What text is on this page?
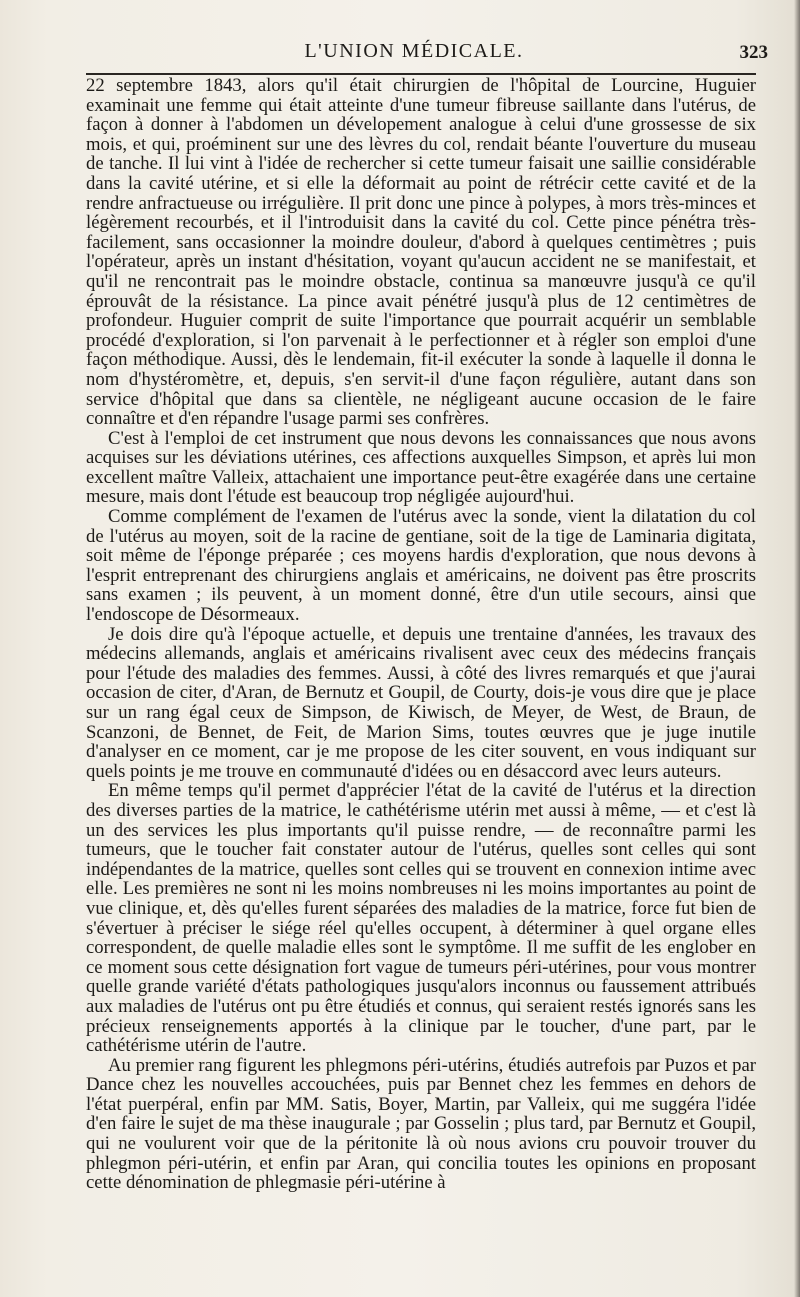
L'UNION MÉDICALE.	323

22 septembre 1843, alors qu'il était chirurgien de l'hôpital de Lourcine, Huguier examinait une femme qui était atteinte d'une tumeur fibreuse saillante dans l'utérus, de façon à donner à l'abdomen un dévelopement analogue à celui d'une grossesse de six mois, et qui, proéminent sur une des lèvres du col, rendait béante l'ouverture du museau de tanche. Il lui vint à l'idée de rechercher si cette tumeur faisait une saillie considérable dans la cavité utérine, et si elle la déformait au point de rétrécir cette cavité et de la rendre anfractueuse ou irrégulière. Il prit donc une pince à polypes, à mors très-minces et légèrement recourbés, et il l'introduisit dans la cavité du col. Cette pince pénétra très-facilement, sans occasionner la moindre douleur, d'abord à quelques centimètres ; puis l'opérateur, après un instant d'hésitation, voyant qu'aucun accident ne se manifestait, et qu'il ne rencontrait pas le moindre obstacle, continua sa manœuvre jusqu'à ce qu'il éprouvât de la résistance. La pince avait pénétré jusqu'à plus de 12 centimètres de profondeur. Huguier comprit de suite l'importance que pourrait acquérir un semblable procédé d'exploration, si l'on parvenait à le perfectionner et à régler son emploi d'une façon méthodique. Aussi, dès le lendemain, fit-il exécuter la sonde à laquelle il donna le nom d'hystéromètre, et, depuis, s'en servit-il d'une façon régulière, autant dans son service d'hôpital que dans sa clientèle, ne négligeant aucune occasion de le faire connaître et d'en répandre l'usage parmi ses confrères.

C'est à l'emploi de cet instrument que nous devons les connaissances que nous avons acquises sur les déviations utérines, ces affections auxquelles Simpson, et après lui mon excellent maître Valleix, attachaient une importance peut-être exagérée dans une certaine mesure, mais dont l'étude est beaucoup trop négligée aujourd'hui.

Comme complément de l'examen de l'utérus avec la sonde, vient la dilatation du col de l'utérus au moyen, soit de la racine de gentiane, soit de la tige de Laminaria digitata, soit même de l'éponge préparée ; ces moyens hardis d'exploration, que nous devons à l'esprit entreprenant des chirurgiens anglais et américains, ne doivent pas être proscrits sans examen ; ils peuvent, à un moment donné, être d'un utile secours, ainsi que l'endoscope de Désormeaux.

Je dois dire qu'à l'époque actuelle, et depuis une trentaine d'années, les travaux des médecins allemands, anglais et américains rivalisent avec ceux des médecins français pour l'étude des maladies des femmes. Aussi, à côté des livres remarqués et que j'aurai occasion de citer, d'Aran, de Bernutz et Goupil, de Courty, dois-je vous dire que je place sur un rang égal ceux de Simpson, de Kiwisch, de Meyer, de West, de Braun, de Scanzoni, de Bennet, de Feit, de Marion Sims, toutes œuvres que je juge inutile d'analyser en ce moment, car je me propose de les citer souvent, en vous indiquant sur quels points je me trouve en communauté d'idées ou en désaccord avec leurs auteurs.

En même temps qu'il permet d'apprécier l'état de la cavité de l'utérus et la direction des diverses parties de la matrice, le cathétérisme utérin met aussi à même, — et c'est là un des services les plus importants qu'il puisse rendre, — de reconnaître parmi les tumeurs, que le toucher fait constater autour de l'utérus, quelles sont celles qui sont indépendantes de la matrice, quelles sont celles qui se trouvent en connexion intime avec elle. Les premières ne sont ni les moins nombreuses ni les moins importantes au point de vue clinique, et, dès qu'elles furent séparées des maladies de la matrice, force fut bien de s'évertuer à préciser le siége réel qu'elles occupent, à déterminer à quel organe elles correspondent, de quelle maladie elles sont le symptôme. Il me suffit de les englober en ce moment sous cette désignation fort vague de tumeurs péri-utérines, pour vous montrer quelle grande variété d'états pathologiques jusqu'alors inconnus ou faussement attribués aux maladies de l'utérus ont pu être étudiés et connus, qui seraient restés ignorés sans les précieux renseignements apportés à la clinique par le toucher, d'une part, par le cathétérisme utérin de l'autre.

Au premier rang figurent les phlegmons péri-utérins, étudiés autrefois par Puzos et par Dance chez les nouvelles accouchées, puis par Bennet chez les femmes en dehors de l'état puerpéral, enfin par MM. Satis, Boyer, Martin, par Valleix, qui me suggéra l'idée d'en faire le sujet de ma thèse inaugurale ; par Gosselin ; plus tard, par Bernutz et Goupil, qui ne voulurent voir que de la péritonite là où nous avions cru pouvoir trouver du phlegmon péri-utérin, et enfin par Aran, qui concilia toutes les opinions en proposant cette dénomination de phlegmasie péri-utérine à
